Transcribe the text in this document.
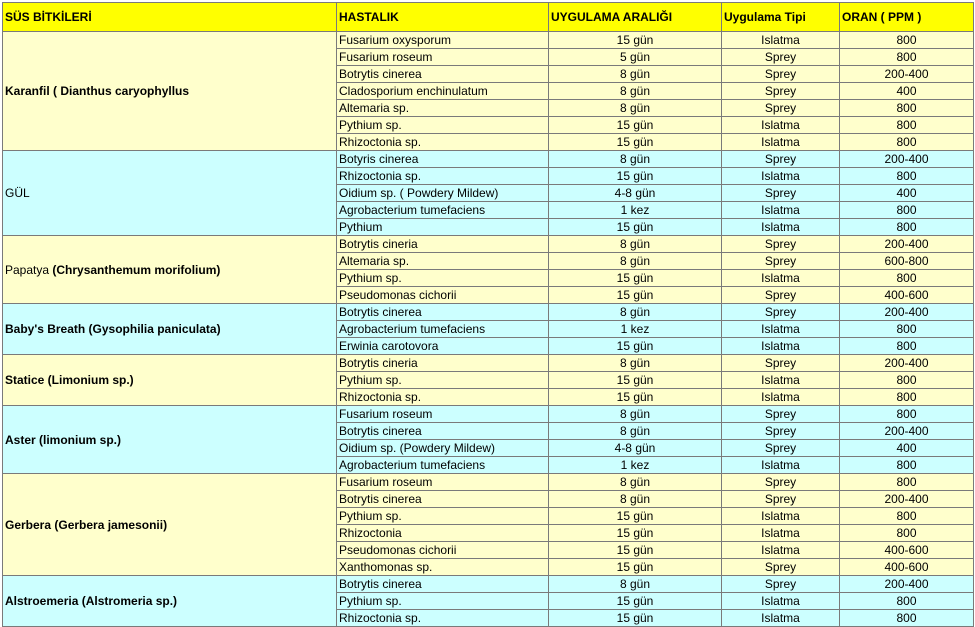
SÜS BİTKİLERİ	HASTALIK	UYGULAMA ARALIĞI	Uygulama Tipi	ORAN ( PPM )
Karanfil ( Dianthus caryophyllus	Fusarium oxysporum	15 gün	Islatma	800
	Fusarium roseum	5 gün	Sprey	800
	Botrytis cinerea	8 gün	Sprey	200-400
	Cladosporium enchinulatum	8 gün	Sprey	400
	Altemaria sp.	8 gün	Sprey	800
	Pythium sp.	15 gün	Islatma	800
	Rhizoctonia sp.	15 gün	Islatma	800
GÜL	Botyris cinerea	8 gün	Sprey	200-400
	Rhizoctonia sp.	15 gün	Islatma	800
	Oidium sp. ( Powdery Mildew)	4-8 gün	Sprey	400
	Agrobacterium tumefaciens	1 kez	Islatma	800
	Pythium	15 gün	Islatma	800
Papatya (Chrysanthemum morifolium)	Botrytis cineria	8 gün	Sprey	200-400
	Altemaria sp.	8 gün	Sprey	600-800
	Pythium sp.	15 gün	Islatma	800
	Pseudomonas cichorii	15 gün	Sprey	400-600
Baby's Breath (Gysophilia paniculata)	Botrytis cinerea	8 gün	Sprey	200-400
	Agrobacterium tumefaciens	1 kez	Islatma	800
	Erwinia carotovora	15 gün	Islatma	800
Statice (Limonium sp.)	Botrytis cineria	8 gün	Sprey	200-400
	Pythium sp.	15 gün	Islatma	800
	Rhizoctonia sp.	15 gün	Islatma	800
Aster (limonium sp.)	Fusarium roseum	8 gün	Sprey	800
	Botrytis cinerea	8 gün	Sprey	200-400
	Oidium sp. (Powdery Mildew)	4-8 gün	Sprey	400
	Agrobacterium tumefaciens	1 kez	Islatma	800
Gerbera (Gerbera jamesonii)	Fusarium roseum	8 gün	Sprey	800
	Botrytis cinerea	8 gün	Sprey	200-400
	Pythium sp.	15 gün	Islatma	800
	Rhizoctonia	15 gün	Islatma	800
	Pseudomonas cichorii	15 gün	Islatma	400-600
	Xanthomonas sp.	15 gün	Sprey	400-600
Alstroemeria (Alstromeria sp.)	Botrytis cinerea	8 gün	Sprey	200-400
	Pythium sp.	15 gün	Islatma	800
	Rhizoctonia sp.	15 gün	Islatma	800
